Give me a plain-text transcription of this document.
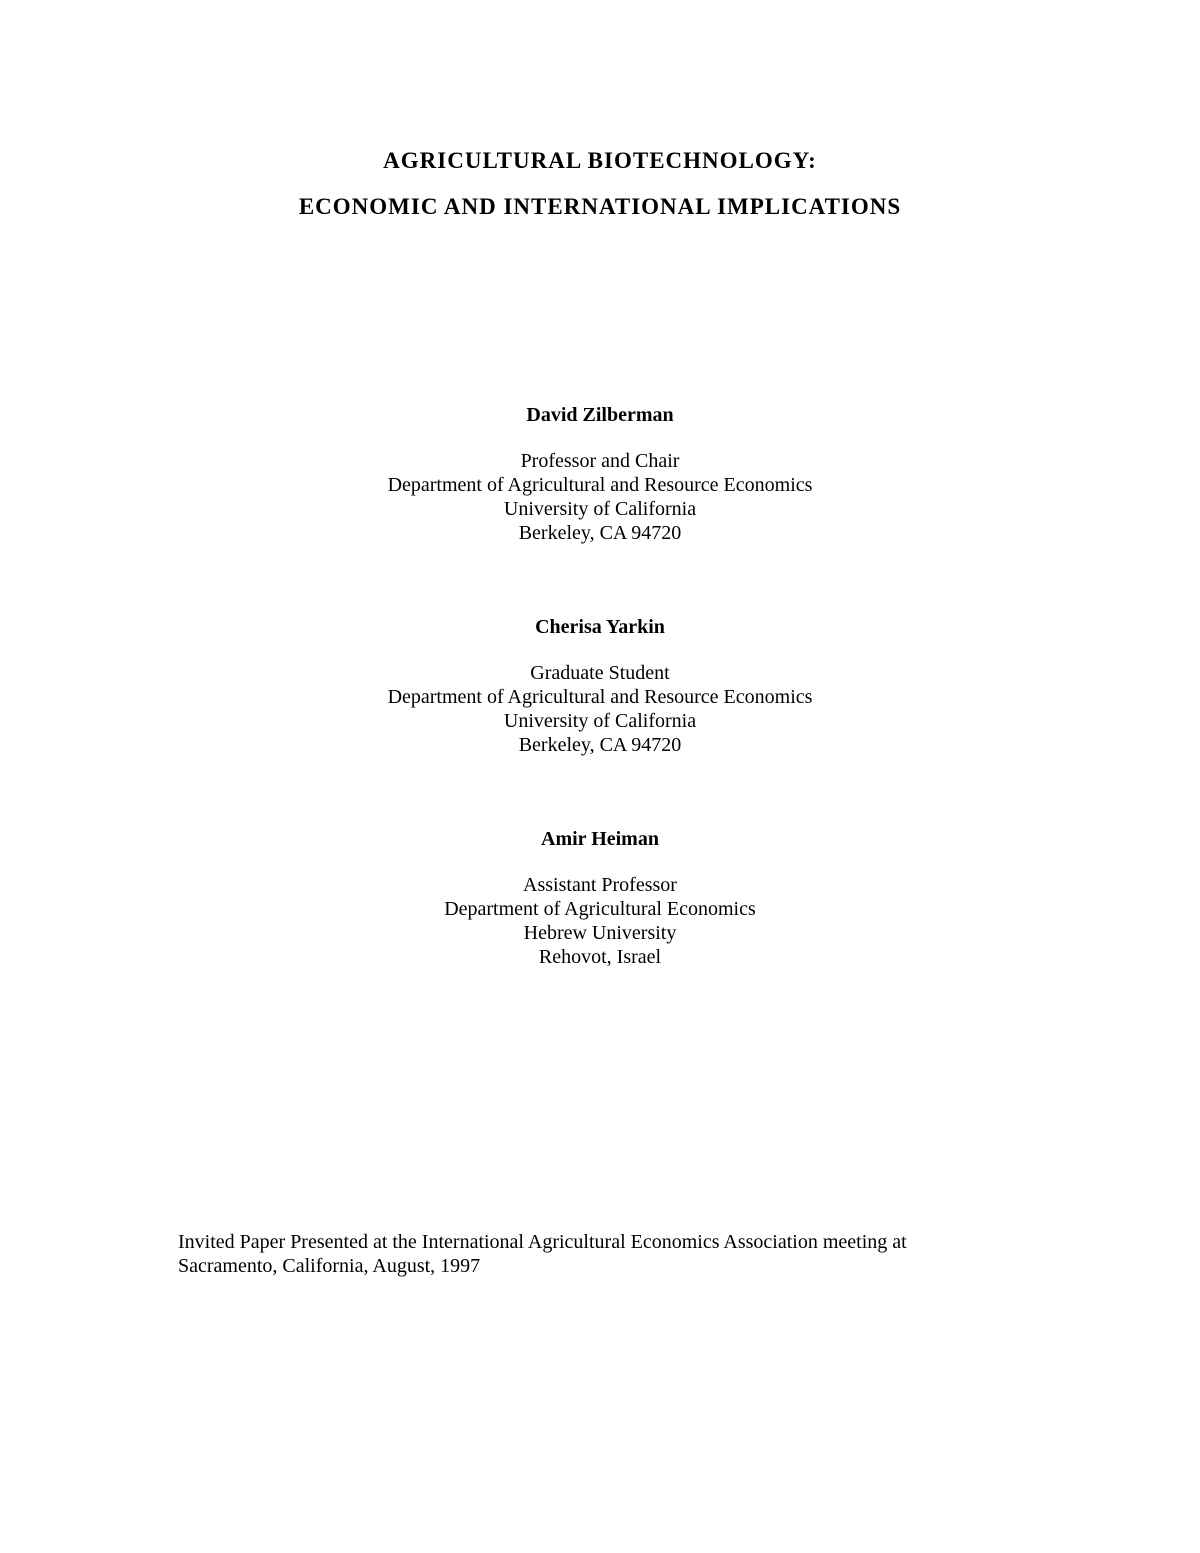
AGRICULTURAL BIOTECHNOLOGY:

ECONOMIC AND INTERNATIONAL IMPLICATIONS

David Zilberman

Professor and Chair

Department of Agricultural and Resource Economics

University of California

Berkeley, CA 94720

Cherisa Yarkin

Graduate Student

Department of Agricultural and Resource Economics

University of California

Berkeley, CA 94720

Amir Heiman

Assistant Professor

Department of Agricultural Economics

Hebrew University

Rehovot, Israel

Invited Paper Presented at the International Agricultural Economics Association meeting at

Sacramento, California, August, 1997
